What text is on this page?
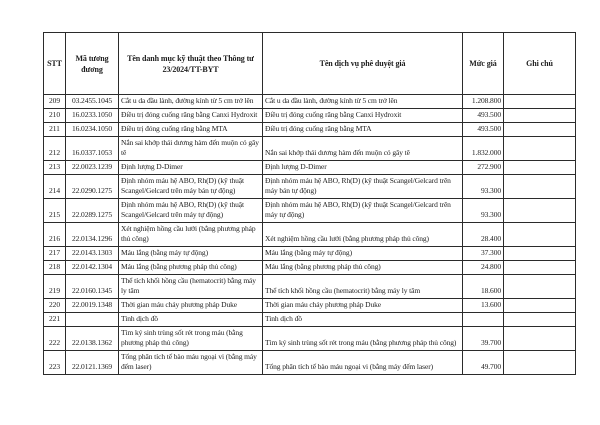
STT	Mã tương đương	Tên danh mục kỹ thuật theo Thông tư 23/2024/TT-BYT	Tên dịch vụ phê duyệt giá	Mức giá	Ghi chú
209	03.2455.1045	Cắt u da đầu lành, đường kính từ 5 cm trở lên	Cắt u da đầu lành, đường kính từ 5 cm trở lên	1.208.800	
210	16.0233.1050	Điều trị đóng cuống răng bằng Canxi Hydroxit	Điều trị đóng cuống răng bằng Canxi Hydroxit	493.500	
211	16.0234.1050	Điều trị đóng cuống răng bằng MTA	Điều trị đóng cuống răng bằng MTA	493.500	
212	16.0337.1053	Nắn sai khớp thái dương hàm đến muộn có gây tê	Nắn sai khớp thái dương hàm đến muộn có gây tê	1.832.000	
213	22.0023.1239	Định lượng D-Dimer	Định lượng D-Dimer	272.900	
214	22.0290.1275	Định nhóm máu hệ ABO, Rh(D) (kỹ thuật Scangel/Gelcard trên máy bán tự động)	Định nhóm máu hệ ABO, Rh(D) (kỹ thuật Scangel/Gelcard trên máy bán tự động)	93.300	
215	22.0289.1275	Định nhóm máu hệ ABO, Rh(D) (kỹ thuật Scangel/Gelcard trên máy tự động)	Định nhóm máu hệ ABO, Rh(D) (kỹ thuật Scangel/Gelcard trên máy tự động)	93.300	
216	22.0134.1296	Xét nghiệm hồng cầu lưới (bằng phương pháp thủ công)	Xét nghiệm hồng cầu lưới (bằng phương pháp thủ công)	28.400	
217	22.0143.1303	Máu lắng (bằng máy tự động)	Máu lắng (bằng máy tự động)	37.300	
218	22.0142.1304	Máu lắng (bằng phương pháp thủ công)	Máu lắng (bằng phương pháp thủ công)	24.800	
219	22.0160.1345	Thể tích khối hồng cầu (hematocrit) bằng máy ly tâm	Thể tích khối hồng cầu (hematocrit) bằng máy ly tâm	18.600	
220	22.0019.1348	Thời gian máu chảy phương pháp Duke	Thời gian máu chảy phương pháp Duke	13.600	
221		Tinh dịch đồ	Tinh dịch đồ		
222	22.0138.1362	Tìm ký sinh trùng sốt rét trong máu (bằng phương pháp thủ công)	Tìm ký sinh trùng sốt rét trong máu (bằng phương pháp thủ công)	39.700	
223	22.0121.1369	Tổng phân tích tế bào máu ngoại vi (bằng máy đếm laser)	Tổng phân tích tế bào máu ngoại vi (bằng máy đếm laser)	49.700	
